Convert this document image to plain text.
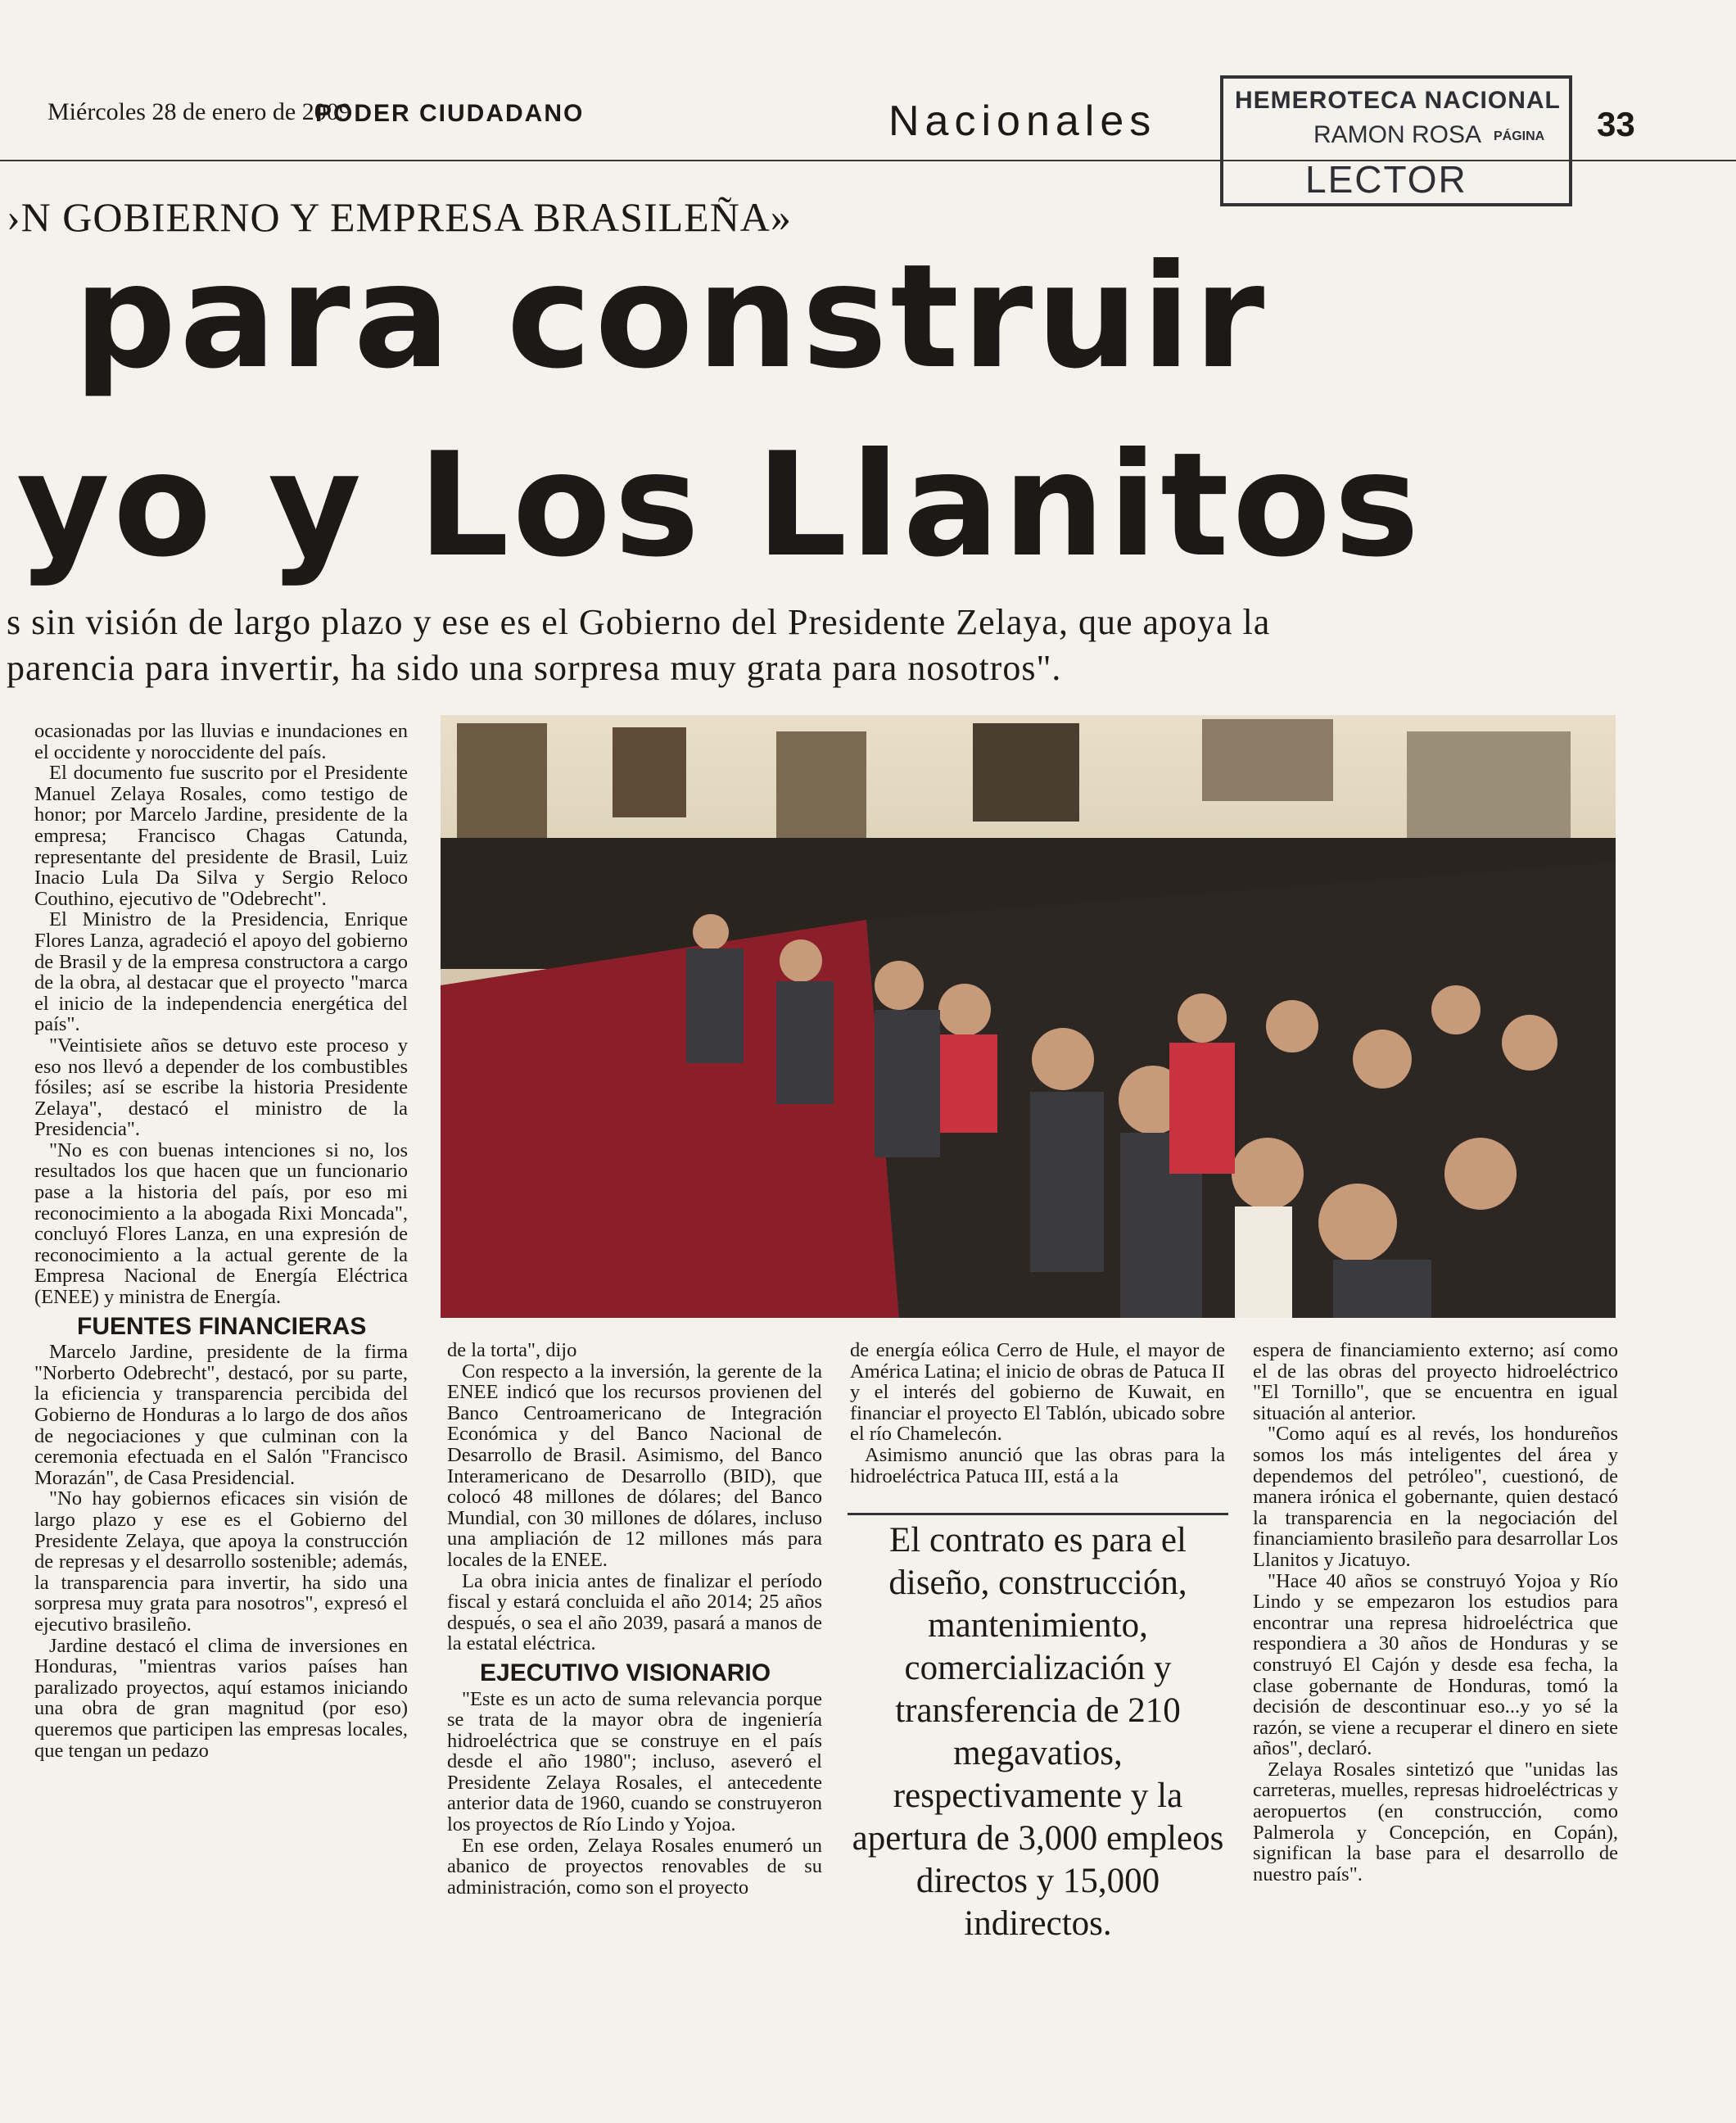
Miércoles 28 de enero de 2009
PODER CIUDADANO	Nacionales	33
HEMEROTECA NACIONAL
RAMON ROSA PÁGINA
LECTOR
›N GOBIERNO Y EMPRESA BRASILEÑA»
para construir
yo y Los Llanitos
s sin visión de largo plazo y ese es el Gobierno del Presidente Zelaya, que apoya la
parencia para invertir, ha sido una sorpresa muy grata para nosotros".

ocasionadas por las lluvias e inundaciones en el occidente y noroccidente del país.

El documento fue suscrito por el Presidente Manuel Zelaya Rosales, como testigo de honor; por Marcelo Jardine, presidente de la empresa; Francisco Chagas Catunda, representante del presidente de Brasil, Luiz Inacio Lula Da Silva y Sergio Reloco Couthino, ejecutivo de "Odebrecht".

El Ministro de la Presidencia, Enrique Flores Lanza, agradeció el apoyo del gobierno de Brasil y de la empresa constructora a cargo de la obra, al destacar que el proyecto "marca el inicio de la independencia energética del país".

"Veintisiete años se detuvo este proceso y eso nos llevó a depender de los combustibles fósiles; así se escribe la historia Presidente Zelaya", destacó el ministro de la Presidencia".

"No es con buenas intenciones si no, los resultados los que hacen que un funcionario pase a la historia del país, por eso mi reconocimiento a la abogada Rixi Moncada", concluyó Flores Lanza, en una expresión de reconocimiento a la actual gerente de la Empresa Nacional de Energía Eléctrica (ENEE) y ministra de Energía.

FUENTES FINANCIERAS

Marcelo Jardine, presidente de la firma "Norberto Odebrecht", destacó, por su parte, la eficiencia y transparencia percibida del Gobierno de Honduras a lo largo de dos años de negociaciones y que culminan con la ceremonia efectuada en el Salón "Francisco Morazán", de Casa Presidencial.

"No hay gobiernos eficaces sin visión de largo plazo y ese es el Gobierno del Presidente Zelaya, que apoya la construcción de represas y el desarrollo sostenible; además, la transparencia para invertir, ha sido una sorpresa muy grata para nosotros", expresó el ejecutivo brasileño.

Jardine destacó el clima de inversiones en Honduras, "mientras varios países han paralizado proyectos, aquí estamos iniciando una obra de gran magnitud (por eso) queremos que participen las empresas locales, que tengan un pedazo

de la torta", dijo

Con respecto a la inversión, la gerente de la ENEE indicó que los recursos provienen del Banco Centroamericano de Integración Económica y del Banco Nacional de Desarrollo de Brasil. Asimismo, del Banco Interamericano de Desarrollo (BID), que colocó 48 millones de dólares; del Banco Mundial, con 30 millones de dólares, incluso una ampliación de 12 millones más para locales de la ENEE.

La obra inicia antes de finalizar el período fiscal y estará concluida el año 2014; 25 años después, o sea el año 2039, pasará a manos de la estatal eléctrica.

EJECUTIVO VISIONARIO

"Este es un acto de suma relevancia porque se trata de la mayor obra de ingeniería hidroeléctrica que se construye en el país desde el año 1980"; incluso, aseveró el Presidente Zelaya Rosales, el antecedente anterior data de 1960, cuando se construyeron los proyectos de Río Lindo y Yojoa.

En ese orden, Zelaya Rosales enumeró un abanico de proyectos renovables de su administración, como son el proyecto

de energía eólica Cerro de Hule, el mayor de América Latina; el inicio de obras de Patuca II y el interés del gobierno de Kuwait, en financiar el proyecto El Tablón, ubicado sobre el río Chamelecón.

Asimismo anunció que las obras para la hidroeléctrica Patuca III, está a la

El contrato es para el diseño, construcción, mantenimiento, comercialización y transferencia de 210 megavatios, respectivamente y la apertura de 3,000 empleos directos y 15,000 indirectos.

espera de financiamiento externo; así como el de las obras del proyecto hidroeléctrico "El Tornillo", que se encuentra en igual situación al anterior.

"Como aquí es al revés, los hondureños somos los más inteligentes del área y dependemos del petróleo", cuestionó, de manera irónica el gobernante, quien destacó la transparencia en la negociación del financiamiento brasileño para desarrollar Los Llanitos y Jicatuyo.

"Hace 40 años se construyó Yojoa y Río Lindo y se empezaron los estudios para encontrar una represa hidroeléctrica que respondiera a 30 años de Honduras y se construyó El Cajón y desde esa fecha, la clase gobernante de Honduras, tomó la decisión de descontinuar eso...y yo sé la razón, se viene a recuperar el dinero en siete años", declaró.

Zelaya Rosales sintetizó que "unidas las carreteras, muelles, represas hidroeléctricas y aeropuertos (en construcción, como Palmerola y Concepción, en Copán), significan la base para el desarrollo de nuestro país".
